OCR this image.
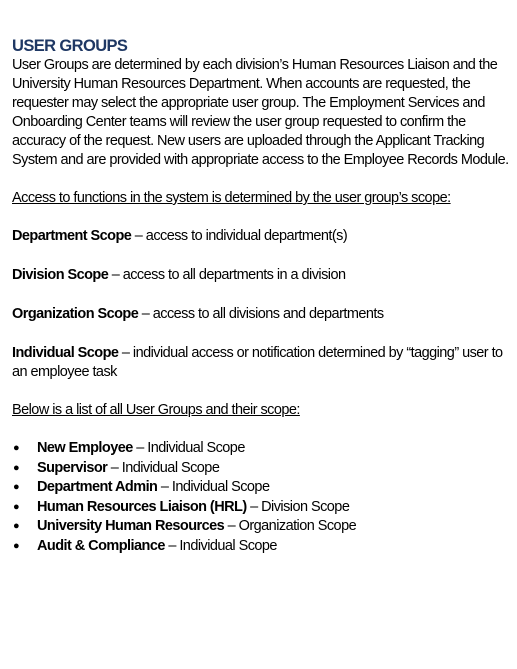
USER GROUPS

User Groups are determined by each division’s Human Resources Liaison and the University Human Resources Department. When accounts are requested, the requester may select the appropriate user group. The Employment Services and Onboarding Center teams will review the user group requested to confirm the accuracy of the request. New users are uploaded through the Applicant Tracking System and are provided with appropriate access to the Employee Records Module.

Access to functions in the system is determined by the user group’s scope:

Department Scope – access to individual department(s)

Division Scope – access to all departments in a division

Organization Scope – access to all divisions and departments

Individual Scope – individual access or notification determined by “tagging” user to an employee task

Below is a list of all User Groups and their scope:

● New Employee – Individual Scope
● Supervisor – Individual Scope
● Department Admin – Individual Scope
● Human Resources Liaison (HRL) – Division Scope
● University Human Resources – Organization Scope
● Audit & Compliance – Individual Scope
